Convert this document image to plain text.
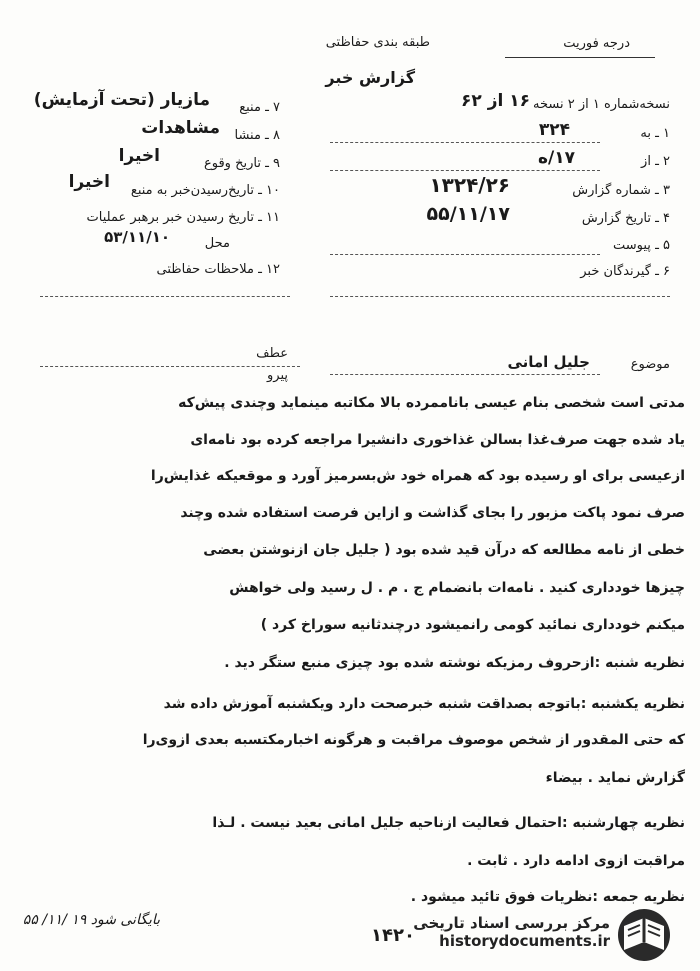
درجه فوریت
طبقه بندی حفاظتی
گزارش خبر
نسخه‌شماره ۱ از ۲ نسخه
۱۶ از ۶۲
۱ ـ به
۳۲۴
۲ ـ از
۱۷/ه
۳ ـ شماره گزارش
۱۳۲۴/۲۶
۴ ـ تاریخ گزارش
۵۵/۱۱/۱۷
۵ ـ پیوست
۶ ـ گیرندگان خبر
۷ ـ منبع
مازیار (تحت آزمایش)
۸ ـ منشا
مشاهدات
۹ ـ تاریخ وقوع
اخیرا
۱۰ ـ تاریخ‌رسیدن‌خبر به منبع
اخیرا
۱۱ ـ تاریخ رسیدن خبر برهبر عملیات
محل
۵۳/۱۱/۱۰
۱۲ ـ ملاحظات حفاظتی
عطف
پیرو
موضوع
جلیل امانی
مدتی است شخصی بنام عیسی باناممرده بالا مکاتبه مینماید وچندی پیش‌که
یاد شده جهت صرف‌غذا بسالن غذاخوری دانشیرا مراجعه کرده بود نامه‌ای
ازعیسی برای او رسیده بود که همراه خود ش‌بسرمیز آورد و موقعیکه غذا‌یش‌را
صرف نمود پاکت مزبور را بجای گذاشت و ازاین فرصت استفاده شده وچند
خطی از نامه مطالعه که درآن قید شده بود ( جلیل جان ازنوشتن بعضی
چیزها خودداری کنید . نامه‌ات بانضمام ج . م . ل رسید ولی خواهش
میکنم خودداری نمائید کومی رانمیشود درچندثانیه سوراخ کرد )
نظریه شنبه :ازحروف رمزیکه نوشته شده بود چیزی منبع ستگر دید .
نظریه یکشنبه :باتوجه بصداقت شنبه خبرصحت دارد ویکشنبه آموزش داده شد
که حتی المقدور از شخص موصوف مراقبت و هرگونه اخبارمکتسبه بعدی ازوی‌را
گزارش نماید . بیضاء
نظریه چهارشنبه :احتمال فعالیت ازناحیه جلیل امانی بعید نیست . لـذا
مراقبت ازوی ادامه دارد . ثابت .
نظریه جمعه :نظریات فوق تائید میشود .
بایگانی شود ۱۹ /۱۱/ ۵۵
۱۴۲۰
مرکز بررسی اسناد تاریخی
historydocuments.ir
